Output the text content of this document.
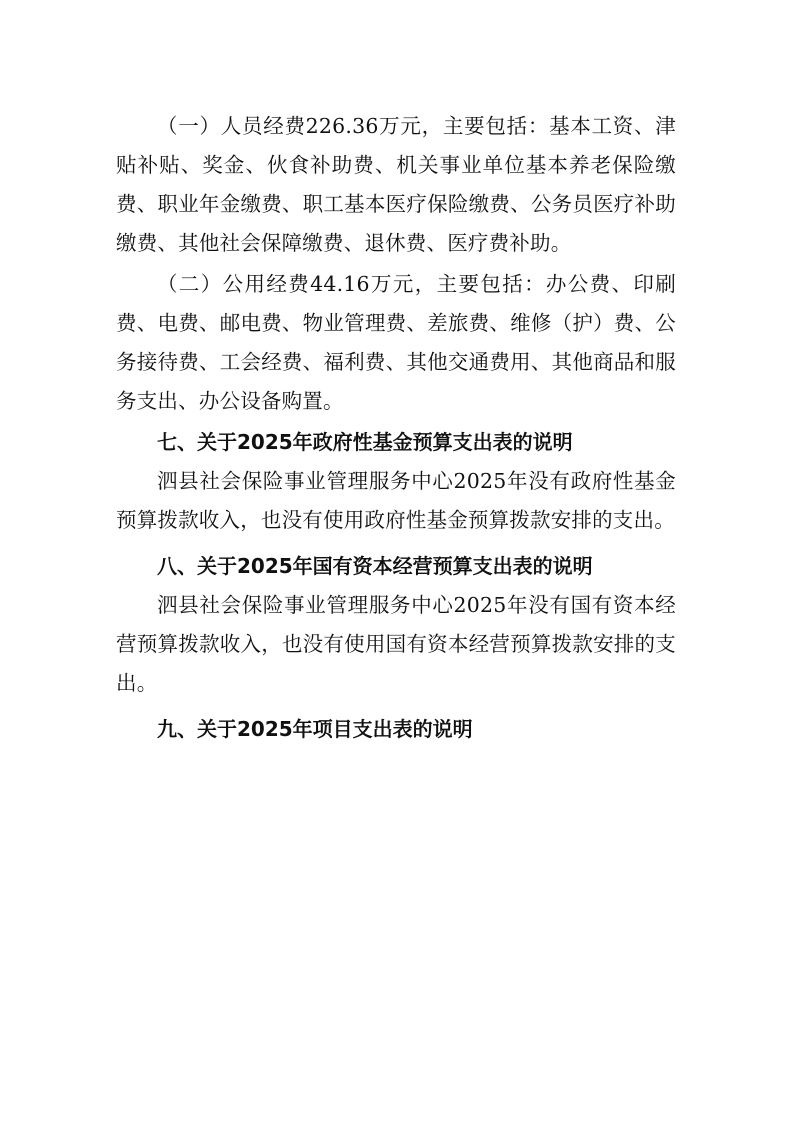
（一）人员经费226.36万元，主要包括：基本工资、津贴补贴、奖金、伙食补助费、机关事业单位基本养老保险缴费、职业年金缴费、职工基本医疗保险缴费、公务员医疗补助缴费、其他社会保障缴费、退休费、医疗费补助。

（二）公用经费44.16万元，主要包括：办公费、印刷费、电费、邮电费、物业管理费、差旅费、维修（护）费、公务接待费、工会经费、福利费、其他交通费用、其他商品和服务支出、办公设备购置。

七、关于2025年政府性基金预算支出表的说明

泗县社会保险事业管理服务中心2025年没有政府性基金预算拨款收入，也没有使用政府性基金预算拨款安排的支出。

八、关于2025年国有资本经营预算支出表的说明

泗县社会保险事业管理服务中心2025年没有国有资本经营预算拨款收入，也没有使用国有资本经营预算拨款安排的支出。

九、关于2025年项目支出表的说明
